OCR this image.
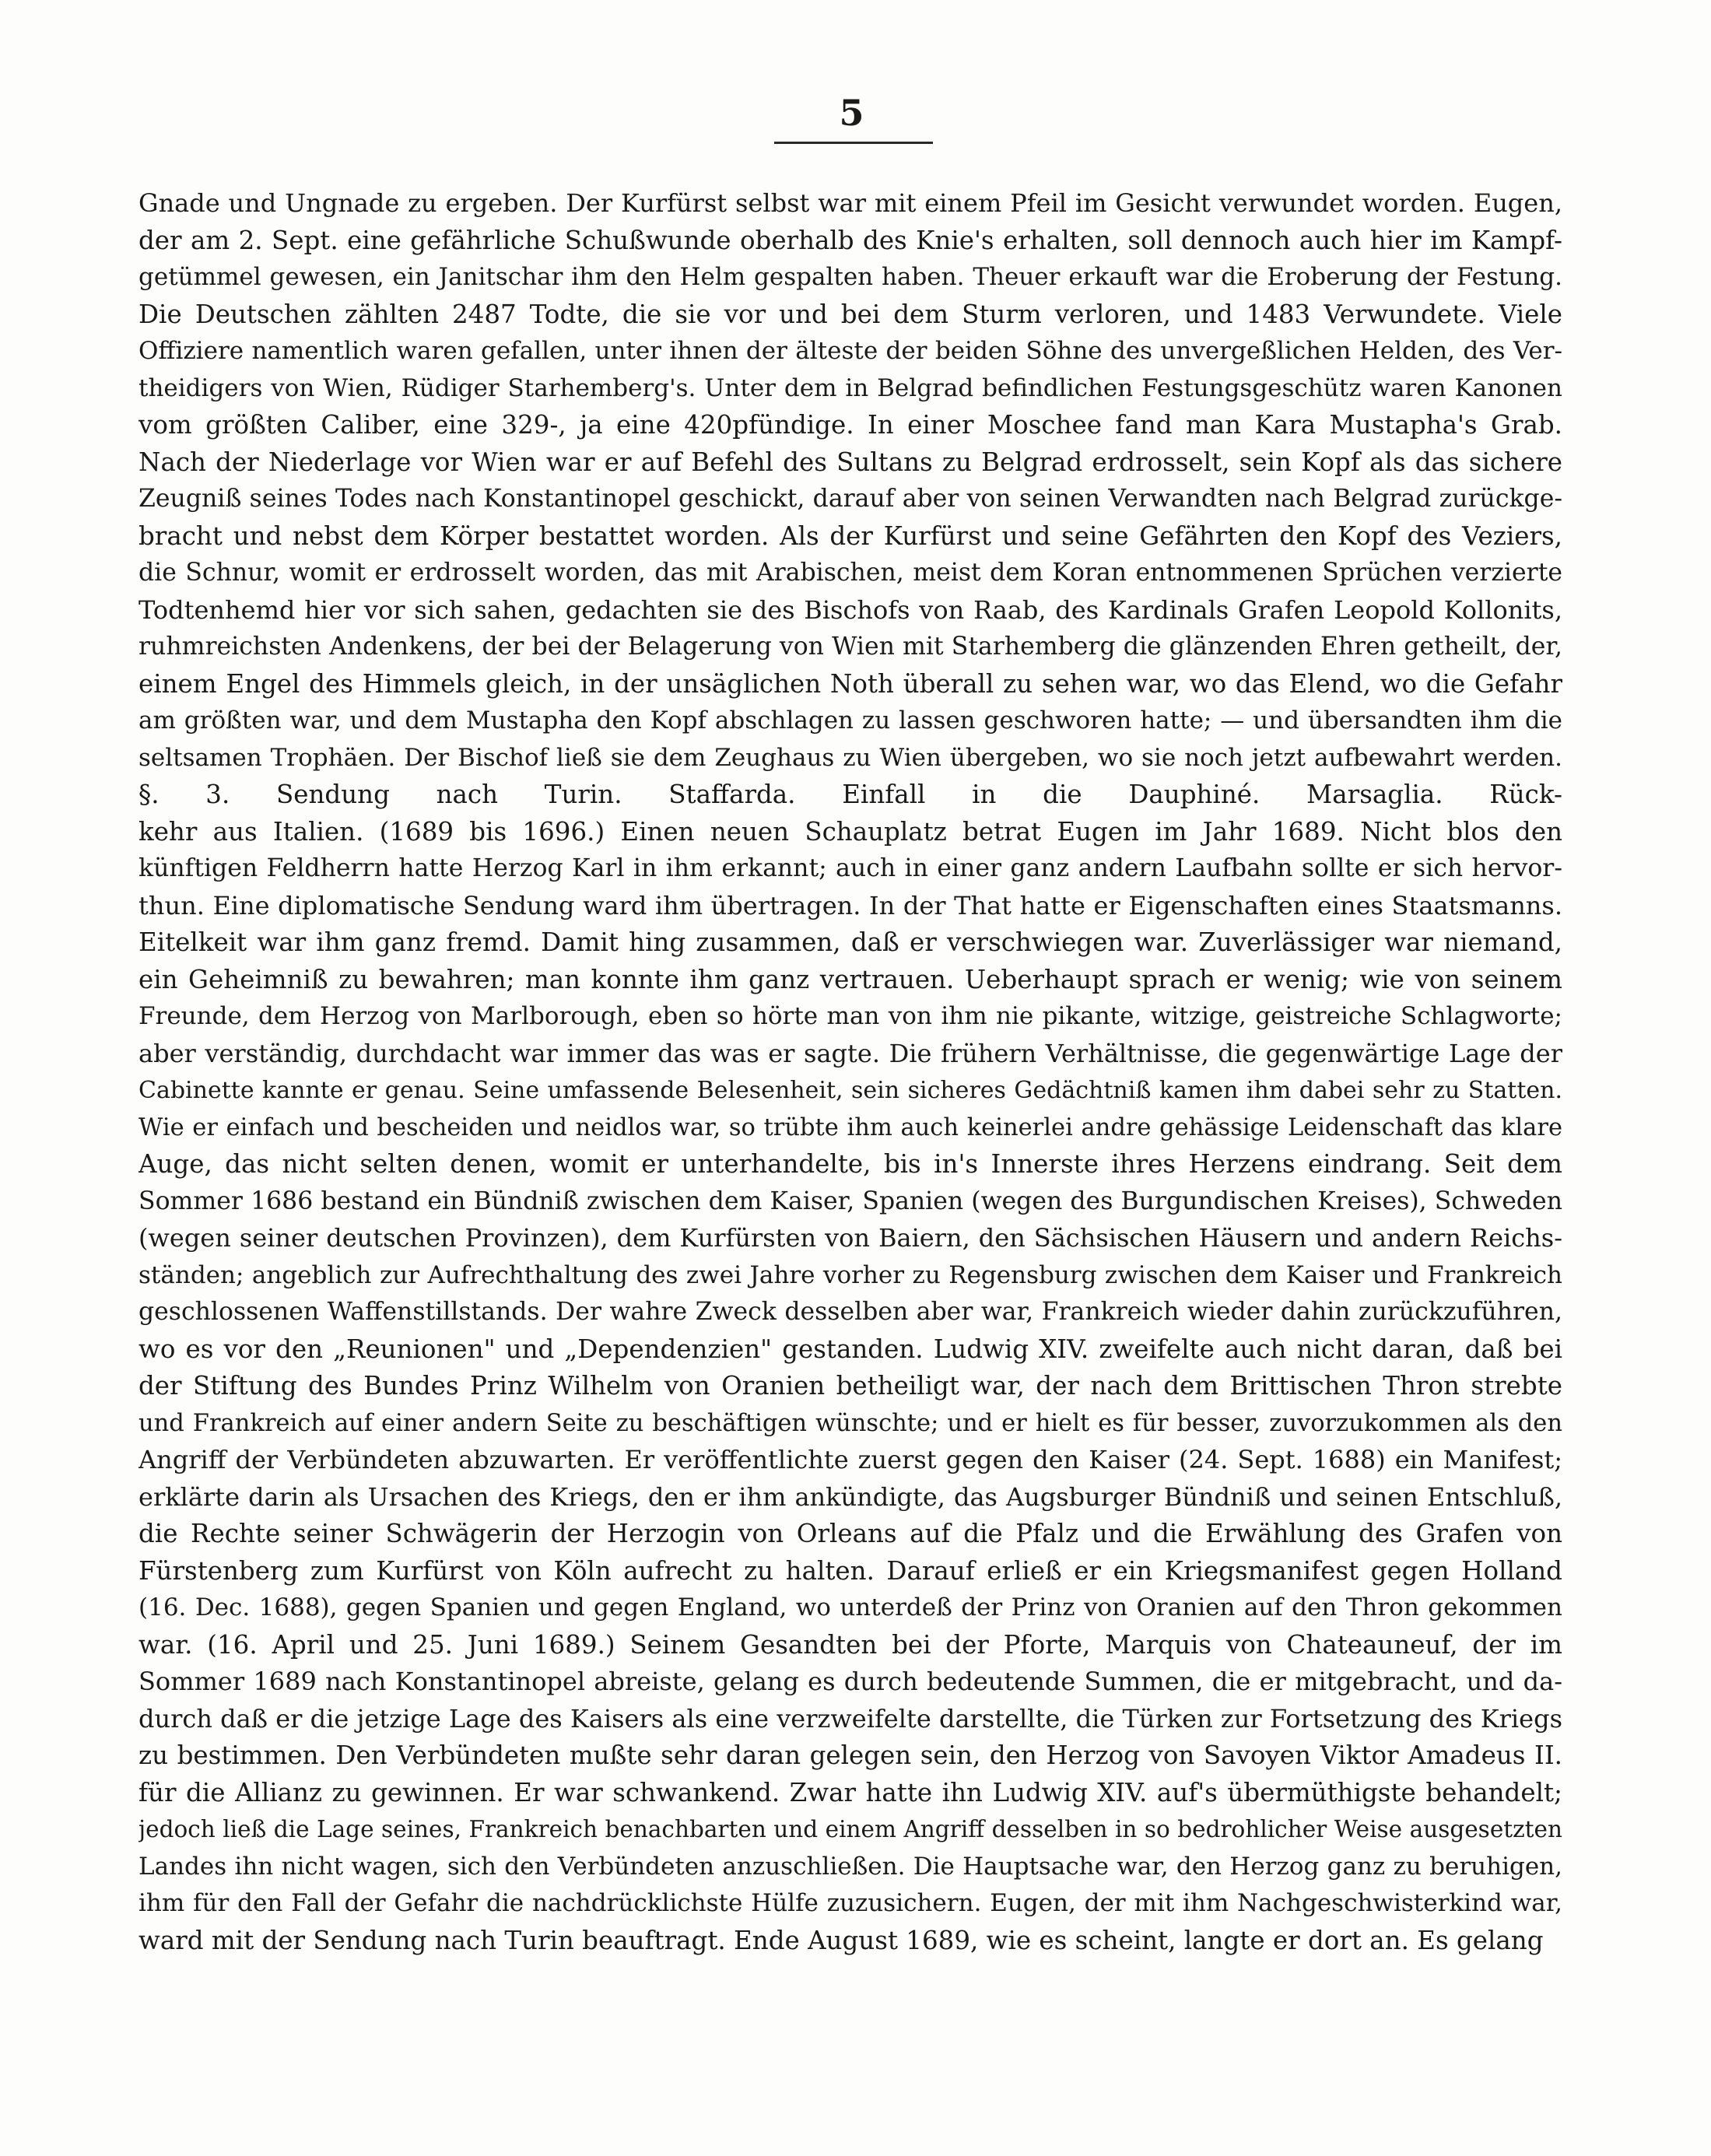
5
Gnade und Ungnade zu ergeben. Der Kurfürst selbst war mit einem Pfeil im Gesicht verwundet worden. Eugen,
der am 2. Sept. eine gefährliche Schußwunde oberhalb des Knie's erhalten, soll dennoch auch hier im Kampf-
getümmel gewesen, ein Janitschar ihm den Helm gespalten haben. Theuer erkauft war die Eroberung der Festung.
Die Deutschen zählten 2487 Todte, die sie vor und bei dem Sturm verloren, und 1483 Verwundete. Viele
Offiziere namentlich waren gefallen, unter ihnen der älteste der beiden Söhne des unvergeßlichen Helden, des Ver-
theidigers von Wien, Rüdiger Starhemberg's. Unter dem in Belgrad befindlichen Festungsgeschütz waren Kanonen
vom größten Caliber, eine 329-, ja eine 420pfündige. In einer Moschee fand man Kara Mustapha's Grab.
Nach der Niederlage vor Wien war er auf Befehl des Sultans zu Belgrad erdrosselt, sein Kopf als das sichere
Zeugniß seines Todes nach Konstantinopel geschickt, darauf aber von seinen Verwandten nach Belgrad zurückge-
bracht und nebst dem Körper bestattet worden. Als der Kurfürst und seine Gefährten den Kopf des Veziers,
die Schnur, womit er erdrosselt worden, das mit Arabischen, meist dem Koran entnommenen Sprüchen verzierte
Todtenhemd hier vor sich sahen, gedachten sie des Bischofs von Raab, des Kardinals Grafen Leopold Kollonits,
ruhmreichsten Andenkens, der bei der Belagerung von Wien mit Starhemberg die glänzenden Ehren getheilt, der,
einem Engel des Himmels gleich, in der unsäglichen Noth überall zu sehen war, wo das Elend, wo die Gefahr
am größten war, und dem Mustapha den Kopf abschlagen zu lassen geschworen hatte; — und übersandten ihm die
seltsamen Trophäen. Der Bischof ließ sie dem Zeughaus zu Wien übergeben, wo sie noch jetzt aufbewahrt werden.
§. 3. Sendung nach Turin. Staffarda. Einfall in die Dauphiné. Marsaglia. Rück-
kehr aus Italien. (1689 bis 1696.) Einen neuen Schauplatz betrat Eugen im Jahr 1689. Nicht blos den
künftigen Feldherrn hatte Herzog Karl in ihm erkannt; auch in einer ganz andern Laufbahn sollte er sich hervor-
thun. Eine diplomatische Sendung ward ihm übertragen. In der That hatte er Eigenschaften eines Staatsmanns.
Eitelkeit war ihm ganz fremd. Damit hing zusammen, daß er verschwiegen war. Zuverlässiger war niemand,
ein Geheimniß zu bewahren; man konnte ihm ganz vertrauen. Ueberhaupt sprach er wenig; wie von seinem
Freunde, dem Herzog von Marlborough, eben so hörte man von ihm nie pikante, witzige, geistreiche Schlagworte;
aber verständig, durchdacht war immer das was er sagte. Die frühern Verhältnisse, die gegenwärtige Lage der
Cabinette kannte er genau. Seine umfassende Belesenheit, sein sicheres Gedächtniß kamen ihm dabei sehr zu Statten.
Wie er einfach und bescheiden und neidlos war, so trübte ihm auch keinerlei andre gehässige Leidenschaft das klare
Auge, das nicht selten denen, womit er unterhandelte, bis in's Innerste ihres Herzens eindrang. Seit dem
Sommer 1686 bestand ein Bündniß zwischen dem Kaiser, Spanien (wegen des Burgundischen Kreises), Schweden
(wegen seiner deutschen Provinzen), dem Kurfürsten von Baiern, den Sächsischen Häusern und andern Reichs-
ständen; angeblich zur Aufrechthaltung des zwei Jahre vorher zu Regensburg zwischen dem Kaiser und Frankreich
geschlossenen Waffenstillstands. Der wahre Zweck desselben aber war, Frankreich wieder dahin zurückzuführen,
wo es vor den „Reunionen" und „Dependenzien" gestanden. Ludwig XIV. zweifelte auch nicht daran, daß bei
der Stiftung des Bundes Prinz Wilhelm von Oranien betheiligt war, der nach dem Brittischen Thron strebte
und Frankreich auf einer andern Seite zu beschäftigen wünschte; und er hielt es für besser, zuvorzukommen als den
Angriff der Verbündeten abzuwarten. Er veröffentlichte zuerst gegen den Kaiser (24. Sept. 1688) ein Manifest;
erklärte darin als Ursachen des Kriegs, den er ihm ankündigte, das Augsburger Bündniß und seinen Entschluß,
die Rechte seiner Schwägerin der Herzogin von Orleans auf die Pfalz und die Erwählung des Grafen von
Fürstenberg zum Kurfürst von Köln aufrecht zu halten. Darauf erließ er ein Kriegsmanifest gegen Holland
(16. Dec. 1688), gegen Spanien und gegen England, wo unterdeß der Prinz von Oranien auf den Thron gekommen
war. (16. April und 25. Juni 1689.) Seinem Gesandten bei der Pforte, Marquis von Chateauneuf, der im
Sommer 1689 nach Konstantinopel abreiste, gelang es durch bedeutende Summen, die er mitgebracht, und da-
durch daß er die jetzige Lage des Kaisers als eine verzweifelte darstellte, die Türken zur Fortsetzung des Kriegs
zu bestimmen. Den Verbündeten mußte sehr daran gelegen sein, den Herzog von Savoyen Viktor Amadeus II.
für die Allianz zu gewinnen. Er war schwankend. Zwar hatte ihn Ludwig XIV. auf's übermüthigste behandelt;
jedoch ließ die Lage seines, Frankreich benachbarten und einem Angriff desselben in so bedrohlicher Weise ausgesetzten
Landes ihn nicht wagen, sich den Verbündeten anzuschließen. Die Hauptsache war, den Herzog ganz zu beruhigen,
ihm für den Fall der Gefahr die nachdrücklichste Hülfe zuzusichern. Eugen, der mit ihm Nachgeschwisterkind war,
ward mit der Sendung nach Turin beauftragt. Ende August 1689, wie es scheint, langte er dort an. Es gelang
